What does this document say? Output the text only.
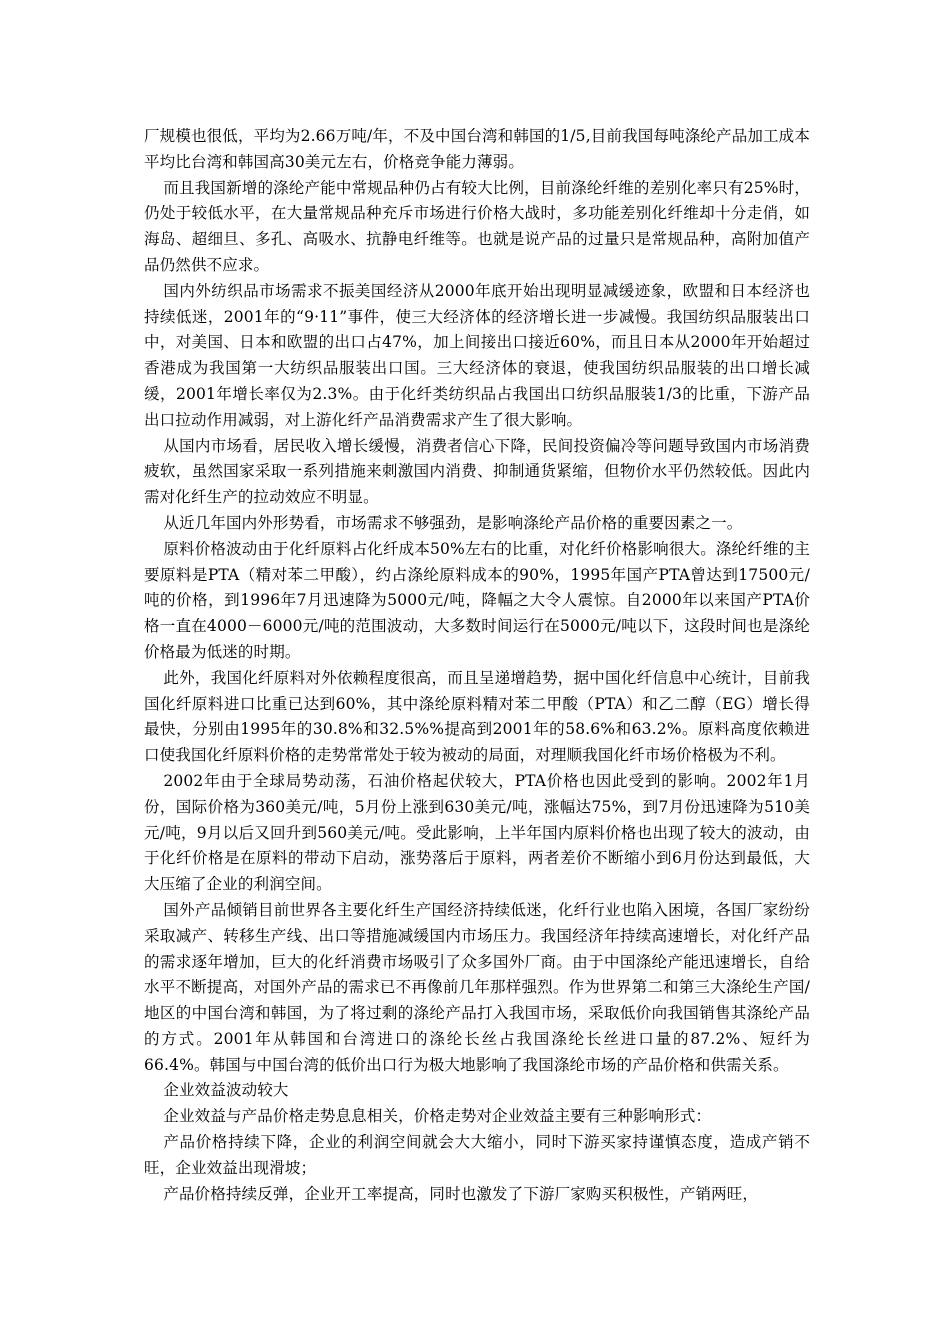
厂规模也很低，平均为2.66万吨/年，不及中国台湾和韩国的1/5,目前我国每吨涤纶产品加工成本平均比台湾和韩国高30美元左右，价格竞争能力薄弱。

而且我国新增的涤纶产能中常规品种仍占有较大比例，目前涤纶纤维的差别化率只有25%时，仍处于较低水平，在大量常规品种充斥市场进行价格大战时，多功能差别化纤维却十分走俏，如海岛、超细旦、多孔、高吸水、抗静电纤维等。也就是说产品的过量只是常规品种，高附加值产品仍然供不应求。

国内外纺织品市场需求不振美国经济从2000年底开始出现明显减缓迹象，欧盟和日本经济也持续低迷，2001年的“9·11”事件，使三大经济体的经济增长进一步减慢。我国纺织品服装出口中，对美国、日本和欧盟的出口占47%，加上间接出口接近60%，而且日本从2000年开始超过香港成为我国第一大纺织品服装出口国。三大经济体的衰退，使我国纺织品服装的出口增长减缓，2001年增长率仅为2.3%。由于化纤类纺织品占我国出口纺织品服装1/3的比重，下游产品出口拉动作用减弱，对上游化纤产品消费需求产生了很大影响。

从国内市场看，居民收入增长缓慢，消费者信心下降，民间投资偏冷等问题导致国内市场消费疲软，虽然国家采取一系列措施来刺激国内消费、抑制通货紧缩，但物价水平仍然较低。因此内需对化纤生产的拉动效应不明显。

从近几年国内外形势看，市场需求不够强劲，是影响涤纶产品价格的重要因素之一。

原料价格波动由于化纤原料占化纤成本50%左右的比重，对化纤价格影响很大。涤纶纤维的主要原料是PTA（精对苯二甲酸），约占涤纶原料成本的90%，1995年国产PTA曾达到17500元/吨的价格，到1996年7月迅速降为5000元/吨，降幅之大令人震惊。自2000年以来国产PTA价格一直在4000－6000元/吨的范围波动，大多数时间运行在5000元/吨以下，这段时间也是涤纶价格最为低迷的时期。

此外，我国化纤原料对外依赖程度很高，而且呈递增趋势，据中国化纤信息中心统计，目前我国化纤原料进口比重已达到60%，其中涤纶原料精对苯二甲酸（PTA）和乙二醇（EG）增长得最快，分别由1995年的30.8%和32.5%%提高到2001年的58.6%和63.2%。原料高度依赖进口使我国化纤原料价格的走势常常处于较为被动的局面，对理顺我国化纤市场价格极为不利。

2002年由于全球局势动荡，石油价格起伏较大，PTA价格也因此受到的影响。2002年1月份，国际价格为360美元/吨，5月份上涨到630美元/吨，涨幅达75%，到7月份迅速降为510美元/吨，9月以后又回升到560美元/吨。受此影响，上半年国内原料价格也出现了较大的波动，由于化纤价格是在原料的带动下启动，涨势落后于原料，两者差价不断缩小到6月份达到最低，大大压缩了企业的利润空间。

国外产品倾销目前世界各主要化纤生产国经济持续低迷，化纤行业也陷入困境，各国厂家纷纷采取减产、转移生产线、出口等措施减缓国内市场压力。我国经济年持续高速增长，对化纤产品的需求逐年增加，巨大的化纤消费市场吸引了众多国外厂商。由于中国涤纶产能迅速增长，自给水平不断提高，对国外产品的需求已不再像前几年那样强烈。作为世界第二和第三大涤纶生产国/地区的中国台湾和韩国，为了将过剩的涤纶产品打入我国市场，采取低价向我国销售其涤纶产品的方式。2001年从韩国和台湾进口的涤纶长丝占我国涤纶长丝进口量的87.2%、短纤为66.4%。韩国与中国台湾的低价出口行为极大地影响了我国涤纶市场的产品价格和供需关系。

企业效益波动较大

企业效益与产品价格走势息息相关，价格走势对企业效益主要有三种影响形式：

产品价格持续下降，企业的利润空间就会大大缩小，同时下游买家持谨慎态度，造成产销不旺，企业效益出现滑坡；

产品价格持续反弹，企业开工率提高，同时也激发了下游厂家购买积极性，产销两旺，
